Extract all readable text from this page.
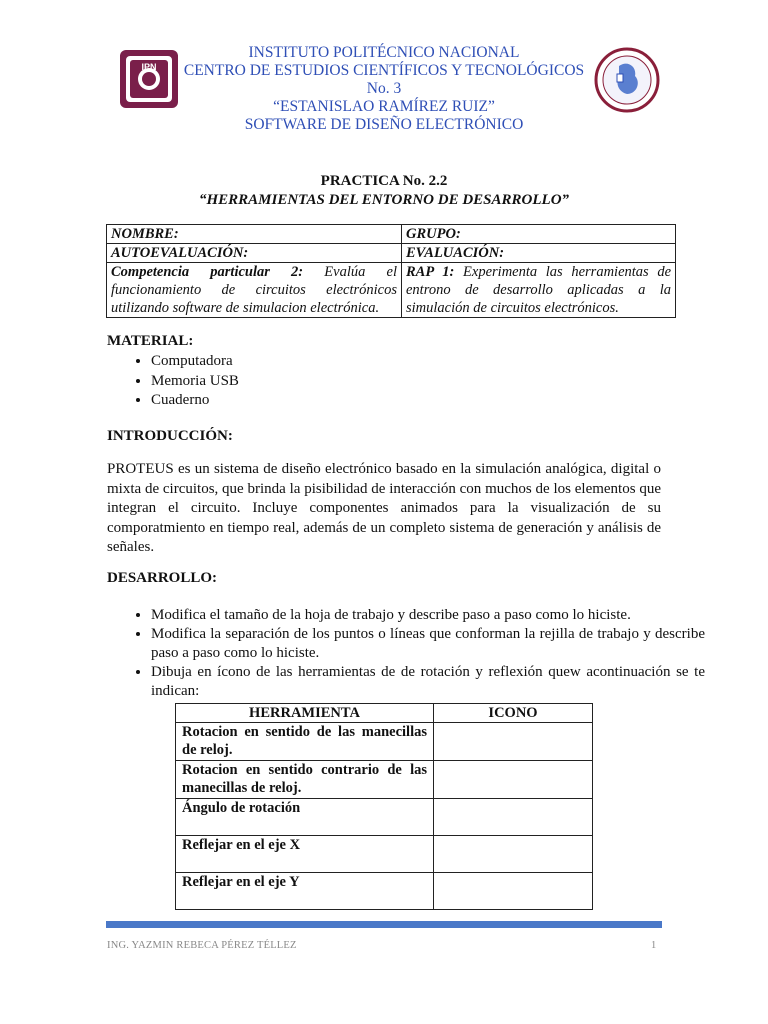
IPN
INSTITUTO POLITÉCNICO NACIONAL
CENTRO DE ESTUDIOS CIENTÍFICOS Y TECNOLÓGICOS
No. 3
“ESTANISLAO RAMÍREZ RUIZ”
SOFTWARE DE DISEÑO ELECTRÓNICO
PRACTICA No. 2.2
“HERRAMIENTAS DEL ENTORNO DE DESARROLLO”
NOMBRE:	GRUPO:
AUTOEVALUACIÓN:	EVALUACIÓN:
Competencia particular 2: Evalúa el funcionamiento de circuitos electrónicos utilizando software de simulacion electrónica.	RAP 1: Experimenta las herramientas de entrono de desarrollo aplicadas a la simulación de circuitos electrónicos.
MATERIAL:
• Computadora
• Memoria USB
• Cuaderno
INTRODUCCIÓN:
PROTEUS es un sistema de diseño electrónico basado en la simulación analógica, digital o mixta de circuitos, que brinda la pisibilidad de interacción con muchos de los elementos que integran el circuito. Incluye componentes animados para la visualización de su comporatmiento en tiempo real, además de un completo sistema de generación y análisis de señales.
DESARROLLO:
• Modifica el tamaño de la hoja de trabajo y describe paso a paso como lo hiciste.
• Modifica la separación de los puntos o líneas que conforman la rejilla de trabajo y describe paso a paso como lo hiciste.
• Dibuja en ícono de las herramientas de de rotación y reflexión quew acontinuación se te indican:
HERRAMIENTA	ICONO
Rotacion en sentido de las manecillas de reloj.	
Rotacion en sentido contrario de las manecillas de reloj.	
Ángulo de rotación	
Reflejar en el eje X	
Reflejar en el eje Y	
ING. YAZMIN REBECA PÉREZ TÉLLEZ	1
